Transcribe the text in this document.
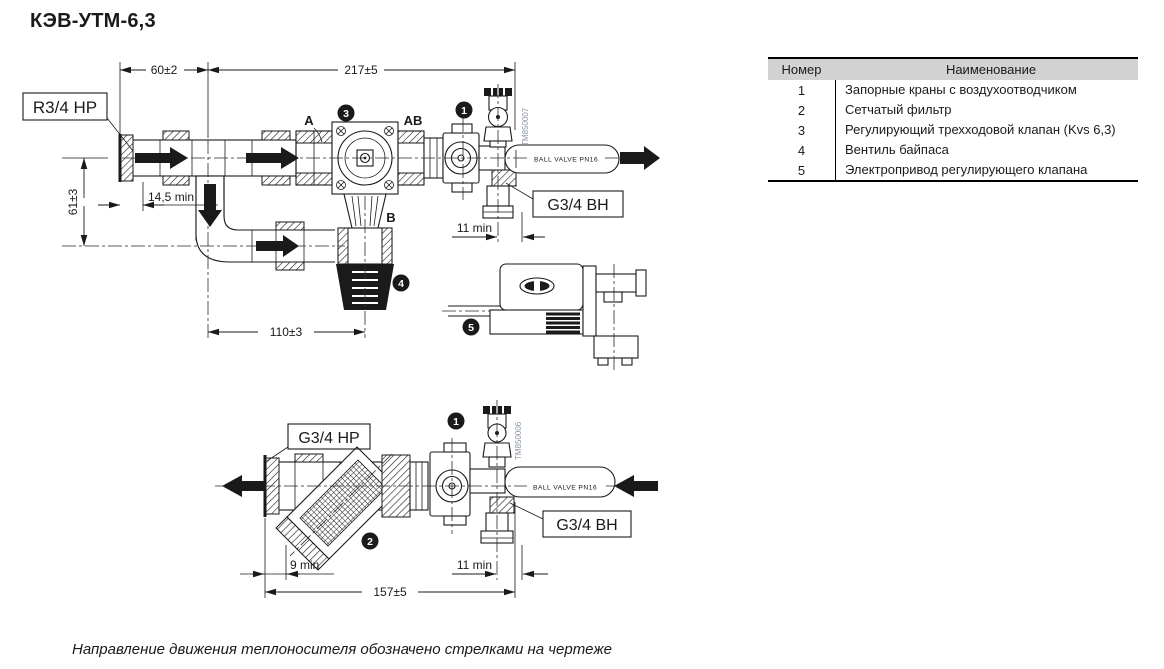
КЭВ-УТМ-6,3
60±2	217±5
14,5 min
61±3
110±3
11 min
R3/4 HP
G3/4 BH
A	AB
B
TM850007
BALL VALVE PN16
3	1
4
5
9 min	11 min
157±5
G3/4 HP
G3/4 BH
TM850006
BALL VALVE PN16
1
2
Номер	Наименование
1	Запорные краны с воздухоотводчиком
2	Сетчатый фильтр
3	Регулирующий трехходовой клапан (Kvs 6,3)
4	Вентиль байпаса
5	Электропривод регулирующего клапана
Направление движения теплоносителя обозначено стрелками на чертеже
